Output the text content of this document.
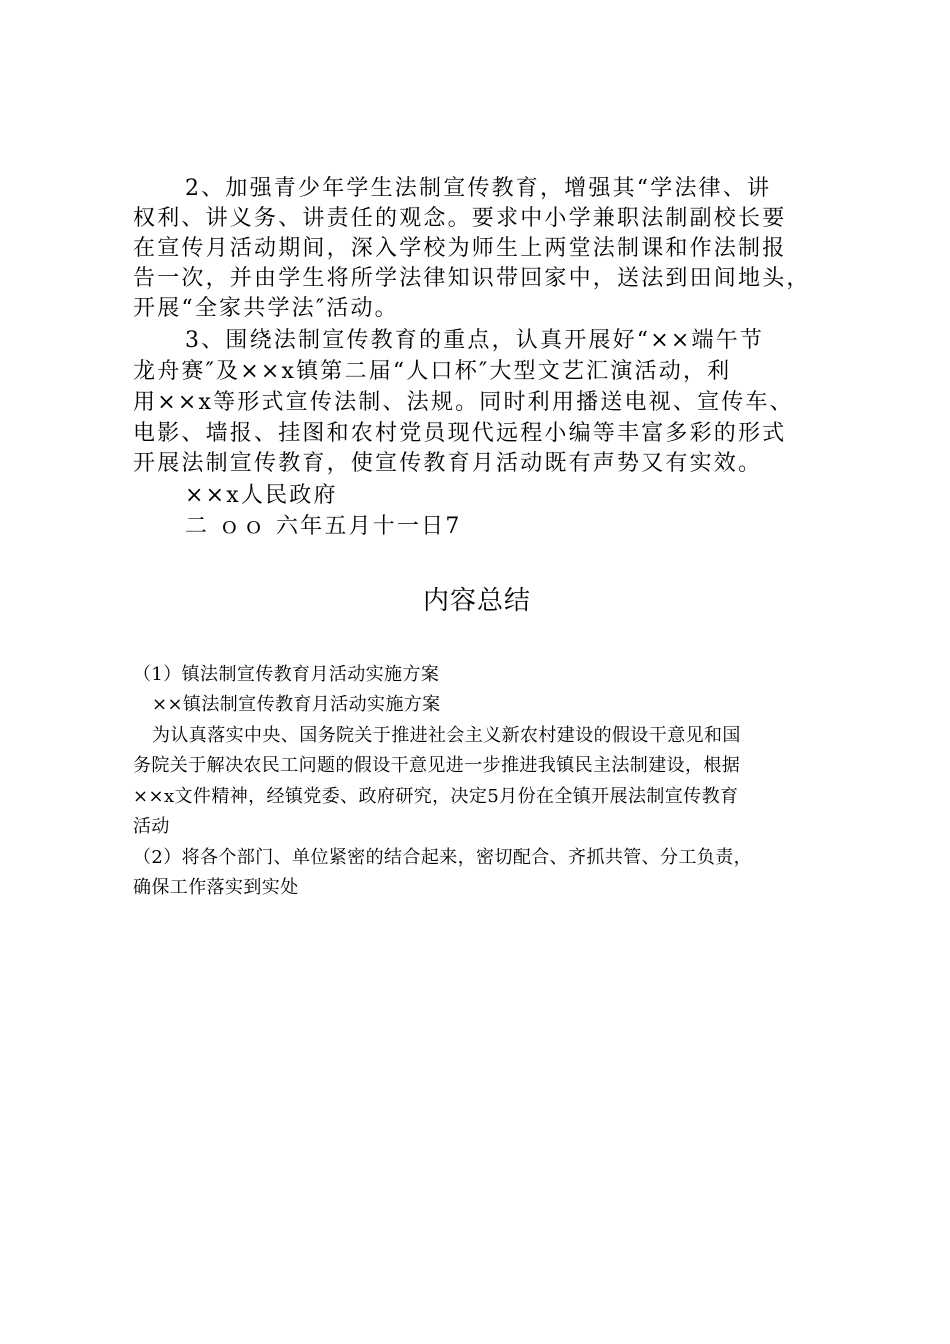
2、加强青少年学生法制宣传教育，增强其“学法律、讲
权利、讲义务、讲责任的观念。要求中小学兼职法制副校长要
在宣传月活动期间，深入学校为师生上两堂法制课和作法制报
告一次，并由学生将所学法律知识带回家中，送法到田间地头，
开展“全家共学法″活动。
3、围绕法制宣传教育的重点，认真开展好“××端午节
龙舟赛″及××x镇第二届“人口杯″大型文艺汇演活动，利
用××x等形式宣传法制、法规。同时利用播送电视、宣传车、
电影、墙报、挂图和农村党员现代远程小编等丰富多彩的形式
开展法制宣传教育，使宣传教育月活动既有声势又有实效。
××x人民政府
二 ｏｏ 六年五月十一日7
内容总结
（1）镇法制宣传教育月活动实施方案
××镇法制宣传教育月活动实施方案
为认真落实中央、国务院关于推进社会主义新农村建设的假设干意见和国
务院关于解决农民工问题的假设干意见进一步推进我镇民主法制建设，根据
××x文件精神，经镇党委、政府研究，决定5月份在全镇开展法制宣传教育
活动
（2）将各个部门、单位紧密的结合起来，密切配合、齐抓共管、分工负责，
确保工作落实到实处
